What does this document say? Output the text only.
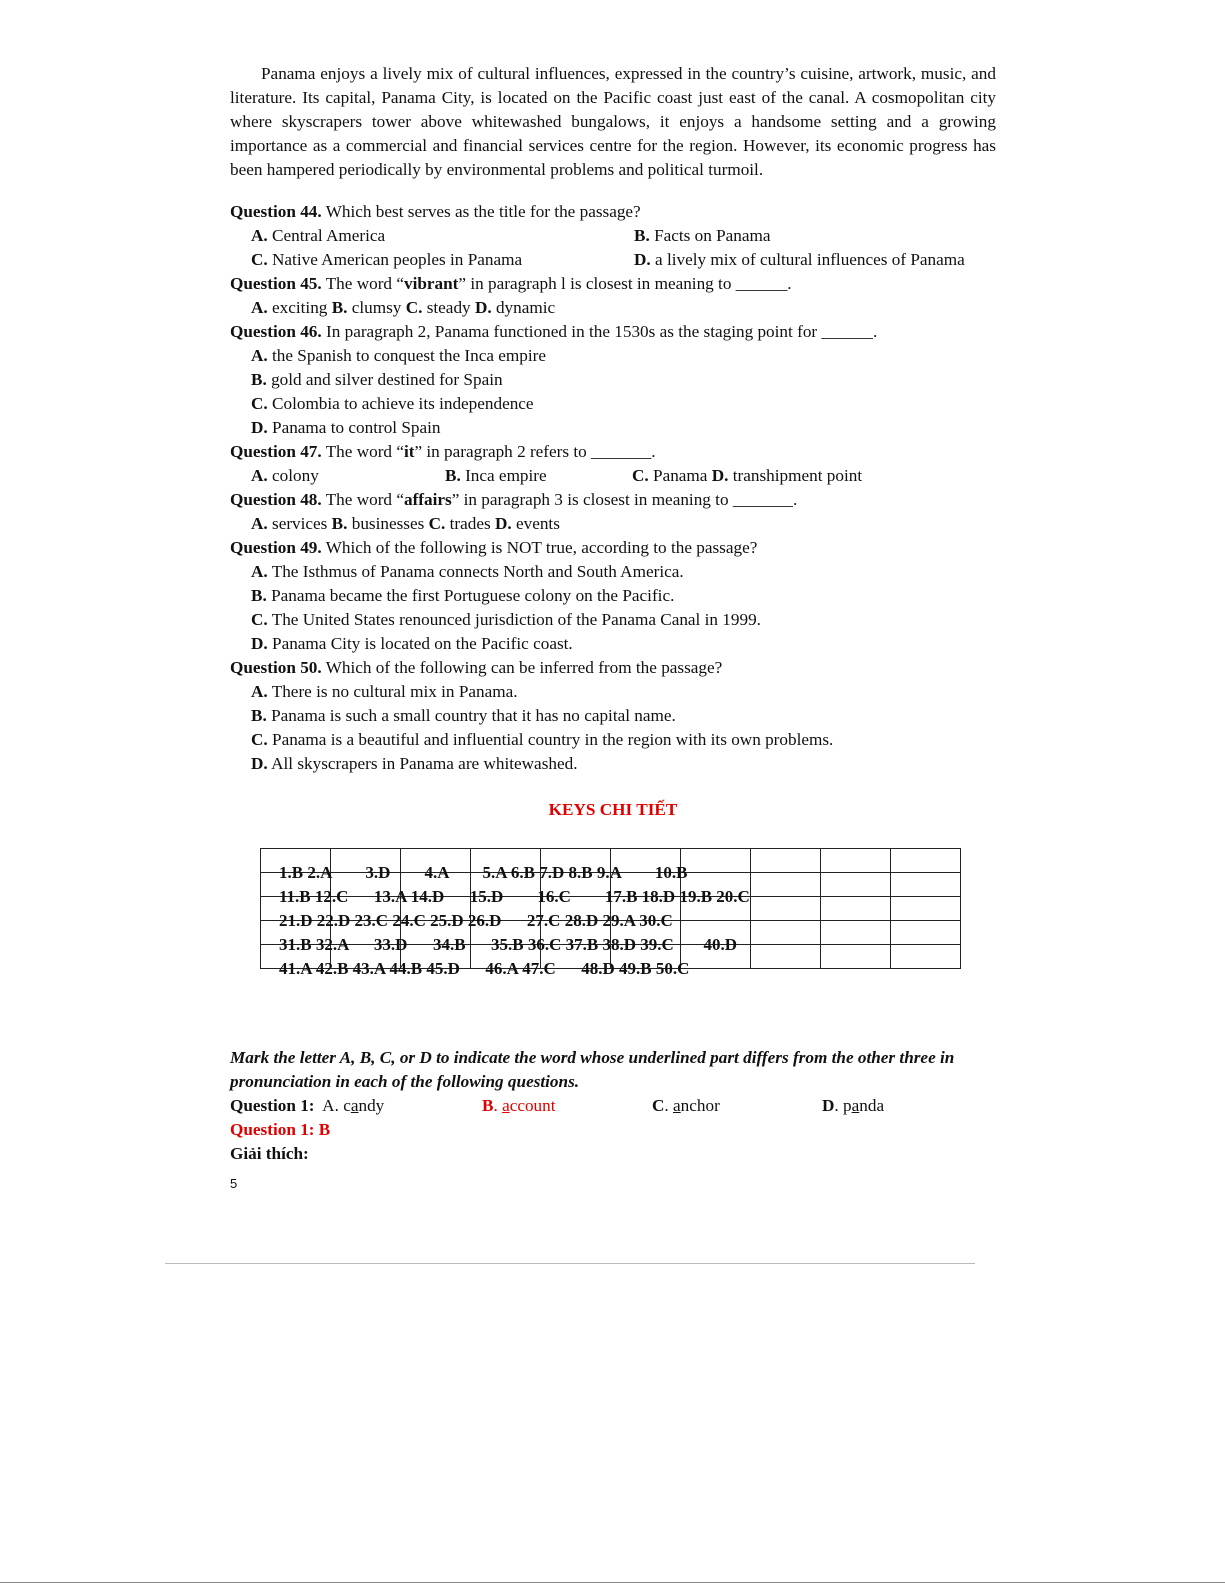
Panama enjoys a lively mix of cultural influences, expressed in the country’s cuisine, artwork, music, and literature. Its capital, Panama City, is located on the Pacific coast just east of the canal. A cosmopolitan city where skyscrapers tower above whitewashed bungalows, it enjoys a handsome setting and a growing importance as a commercial and financial services centre for the region. However, its economic progress has been hampered periodically by environmental problems and political turmoil.

Question 44. Which best serves as the title for the passage?
A. Central America	B. Facts on Panama
C. Native American peoples in Panama	D. a lively mix of cultural influences of Panama
Question 45. The word “vibrant” in paragraph l is closest in meaning to ______.
A. exciting B. clumsy C. steady D. dynamic
Question 46. In paragraph 2, Panama functioned in the 1530s as the staging point for ______.
A. the Spanish to conquest the Inca empire
B. gold and silver destined for Spain
C. Colombia to achieve its independence
D. Panama to control Spain
Question 47. The word “it” in paragraph 2 refers to _______.
A. colony	B. Inca empire	C. Panama D. transhipment point
Question 48. The word “affairs” in paragraph 3 is closest in meaning to _______.
A. services B. businesses C. trades D. events
Question 49. Which of the following is NOT true, according to the passage?
A. The Isthmus of Panama connects North and South America.
B. Panama became the first Portuguese colony on the Pacific.
C. The United States renounced jurisdiction of the Panama Canal in 1999.
D. Panama City is located on the Pacific coast.
Question 50. Which of the following can be inferred from the passage?
A. There is no cultural mix in Panama.
B. Panama is such a small country that it has no capital name.
C. Panama is a beautiful and influential country in the region with its own problems.
D. All skyscrapers in Panama are whitewashed.
KEYS CHI TIẾT
1.B 2.A        3.D        4.A        5.A 6.B 7.D 8.B 9.A        10.B									

11.B 12.C      13.A 14.D      15.D        16.C        17.B 18.D 19.B 20.C									

21.D 22.D 23.C 24.C 25.D 26.D      27.C 28.D 29.A 30.C									

31.B 32.A      33.D      34.B      35.B 36.C 37.B 38.D 39.C       40.D									

41.A 42.B 43.A 44.B 45.D      46.A 47.C      48.D 49.B 50.C									

Mark the letter A, B, C, or D to indicate the word whose underlined part differs from the other three in pronunciation in each of the following questions.

Question 1: A. candy	B. account	C. anchor	D. panda
Question 1: B
Giải thích:
5
